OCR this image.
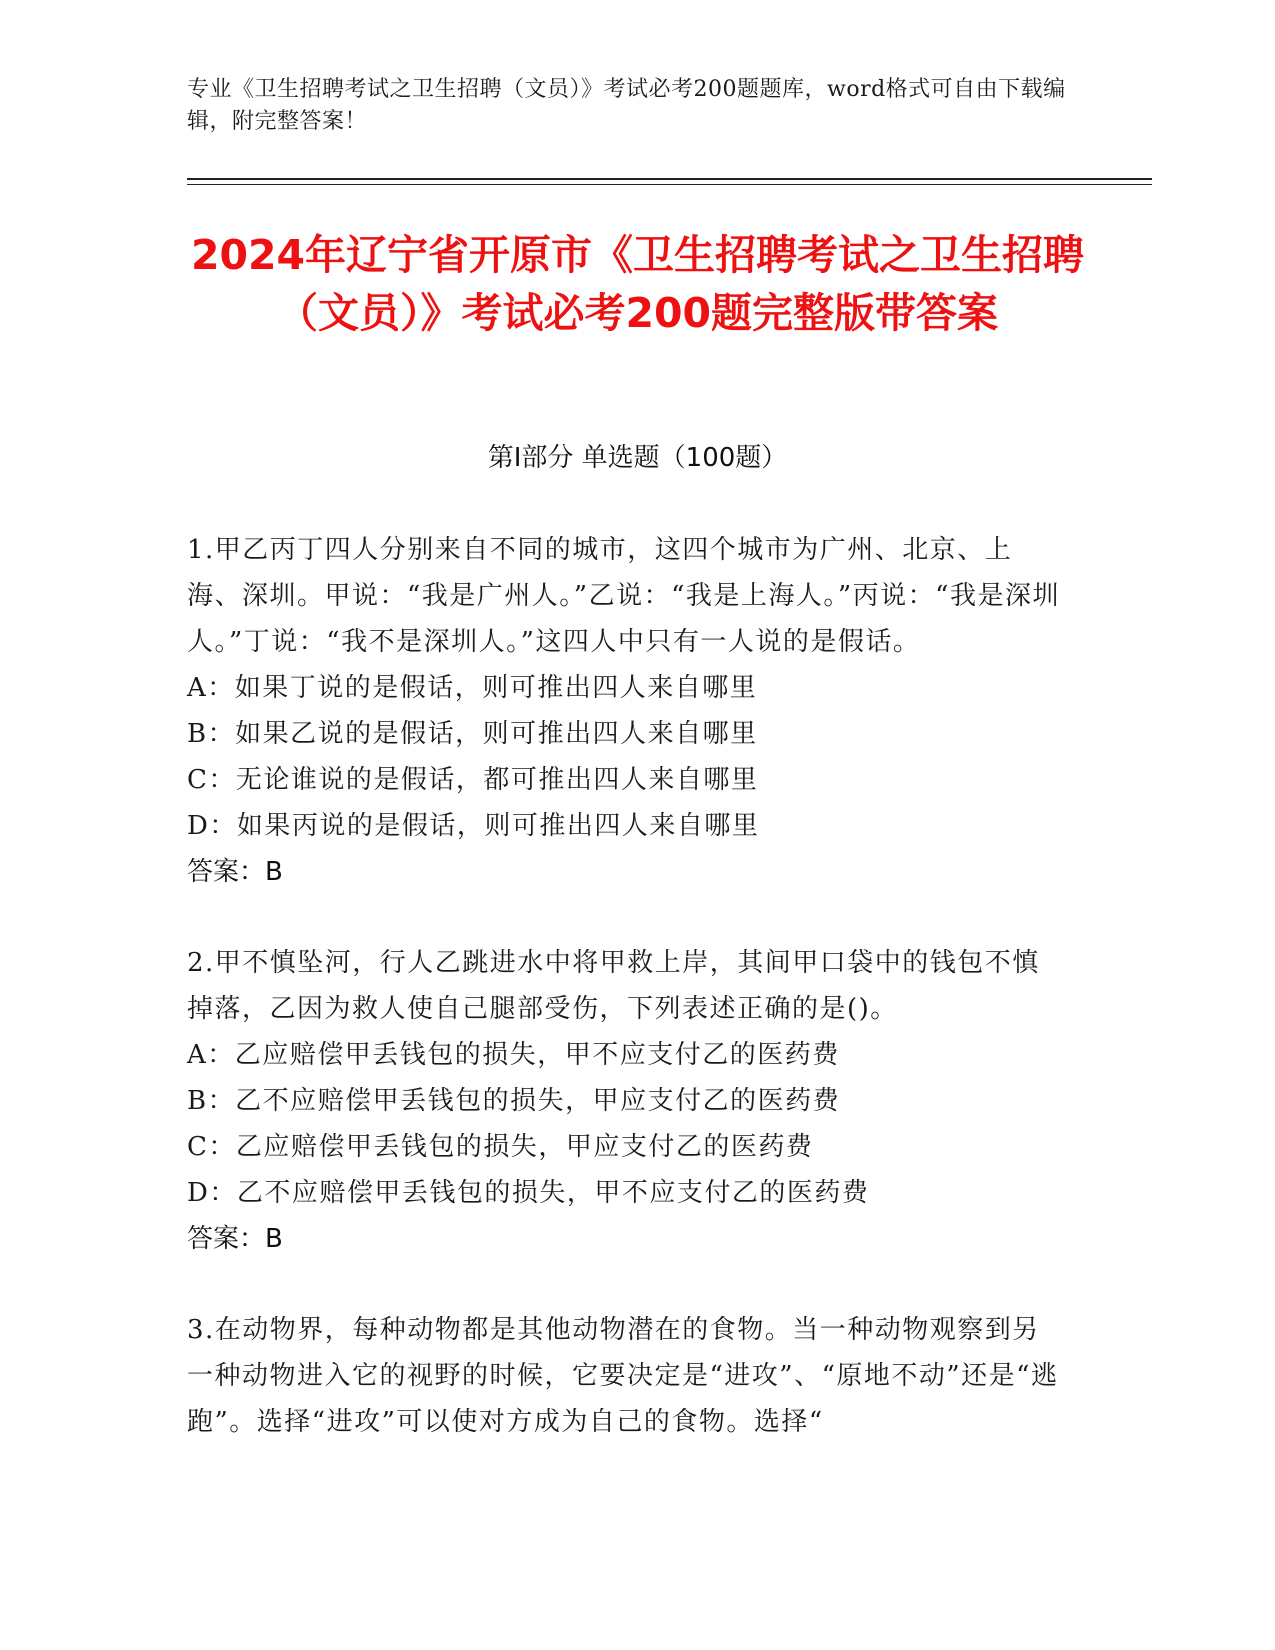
专业《卫生招聘考试之卫生招聘（文员）》考试必考200题题库，word格式可自由下载编辑，附完整答案！
2024年辽宁省开原市《卫生招聘考试之卫生招聘（文员）》考试必考200题完整版带答案
第Ⅰ部分 单选题（100题）
1.甲乙丙丁四人分别来自不同的城市，这四个城市为广州、北京、上海、深圳。甲说：“我是广州人。”乙说：“我是上海人。”丙说：“我是深圳人。”丁说：“我不是深圳人。”这四人中只有一人说的是假话。
A：如果丁说的是假话，则可推出四人来自哪里
B：如果乙说的是假话，则可推出四人来自哪里
C：无论谁说的是假话，都可推出四人来自哪里
D：如果丙说的是假话，则可推出四人来自哪里
答案：B
2.甲不慎坠河，行人乙跳进水中将甲救上岸，其间甲口袋中的钱包不慎掉落，乙因为救人使自己腿部受伤，下列表述正确的是()。
A：乙应赔偿甲丢钱包的损失，甲不应支付乙的医药费
B：乙不应赔偿甲丢钱包的损失，甲应支付乙的医药费
C：乙应赔偿甲丢钱包的损失，甲应支付乙的医药费
D：乙不应赔偿甲丢钱包的损失，甲不应支付乙的医药费
答案：B
3.在动物界，每种动物都是其他动物潜在的食物。当一种动物观察到另一种动物进入它的视野的时候，它要决定是“进攻”、“原地不动”还是“逃跑”。选择“进攻”可以使对方成为自己的食物。选择“
